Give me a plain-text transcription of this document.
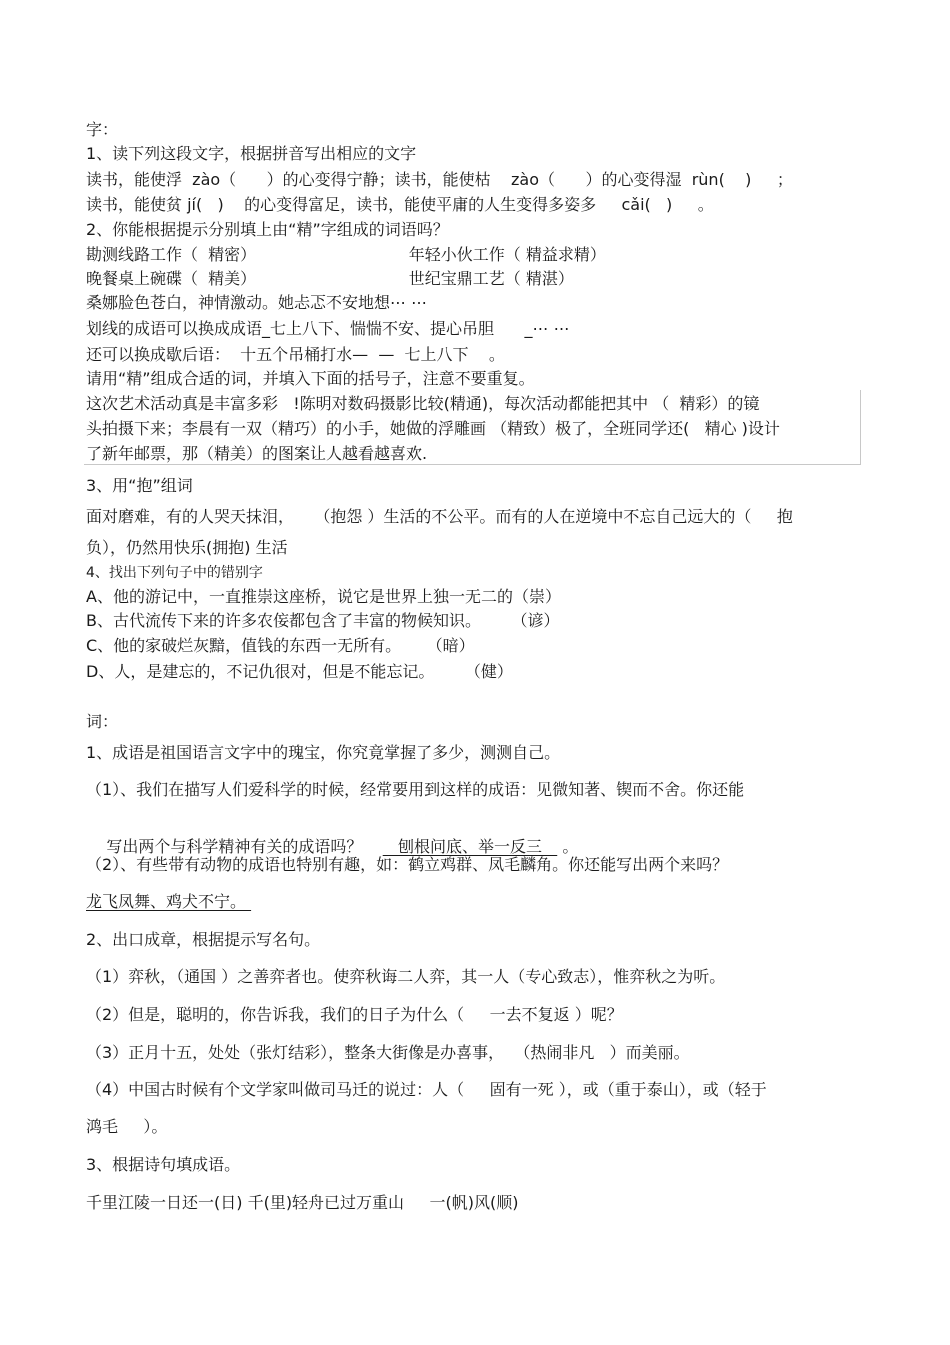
字：
1、读下列这段文字，根据拼音写出相应的文字
读书，能使浮  zào（      ）的心变得宁静；读书，能使枯    zào（      ）的心变得湿  rùn(    )     ；
读书，能使贫 jí(   )    的心变得富足，读书，能使平庸的人生变得多姿多     cǎi(   )     。
2、你能根据提示分别填上由“精”字组成的词语吗？
勘测线路工作（  精密）                              年轻小伙工作（ 精益求精）
晚餐桌上碗碟（  精美）                              世纪宝鼎工艺（ 精湛）
桑娜脸色苍白，神情激动。她忐忑不安地想⋯ ⋯
划线的成语可以换成成语_七上八下、惴惴不安、提心吊胆      _⋯ ⋯
还可以换成歇后语：  十五个吊桶打水—  —  七上八下    。
请用“精”组成合适的词，并填入下面的括号子，注意不要重复。
这次艺术活动真是丰富多彩   !陈明对数码摄影比较(精通)，每次活动都能把其中 （  精彩）的镜
头拍摄下来；李晨有一双（精巧）的小手，她做的浮雕画 （精致）极了，全班同学还(   精心 )设计
了新年邮票，那（精美）的图案让人越看越喜欢.
3、用“抱”组词
面对磨难，有的人哭天抹泪，    （抱怨 ）生活的不公平。而有的人在逆境中不忘自己远大的（     抱
负），仍然用快乐(拥抱) 生活
4、找出下列句子中的错别字
A、他的游记中，一直推崇这座桥，说它是世界上独一无二的（崇）
B、古代流传下来的许多农侫都包含了丰富的物候知识。      （谚）
C、他的家破烂灰黯，值钱的东西一无所有。     （暗）
D、人，是建忘的，不记仇很对，但是不能忘记。      （健）
词：
1、成语是祖国语言文字中的瑰宝，你究竟掌握了多少，测测自己。
（1）、我们在描写人们爱科学的时候，经常要用到这样的成语：见微知著、锲而不舍。你还能

写出两个与科学精神有关的成语吗？       刨根问底、举一反三    。

（2）、有些带有动物的成语也特别有趣，如：鹤立鸡群、凤毛麟角。你还能写出两个来吗？
龙飞凤舞、鸡犬不宁。
2、出口成章，根据提示写名句。
（1）弈秋，（通国 ）之善弈者也。使弈秋诲二人弈，其一人（专心致志），惟弈秋之为听。
（2）但是，聪明的，你告诉我，我们的日子为什么（     一去不复返 ）呢？
（3）正月十五，处处（张灯结彩），整条大街像是办喜事，  （热闹非凡   ）而美丽。
（4）中国古时候有个文学家叫做司马迁的说过：人（     固有一死 ），或（重于泰山），或（轻于
鸿毛     ）。
3、根据诗句填成语。
千里江陵一日还一(日) 千(里)轻舟已过万重山     一(帆)风(顺)
